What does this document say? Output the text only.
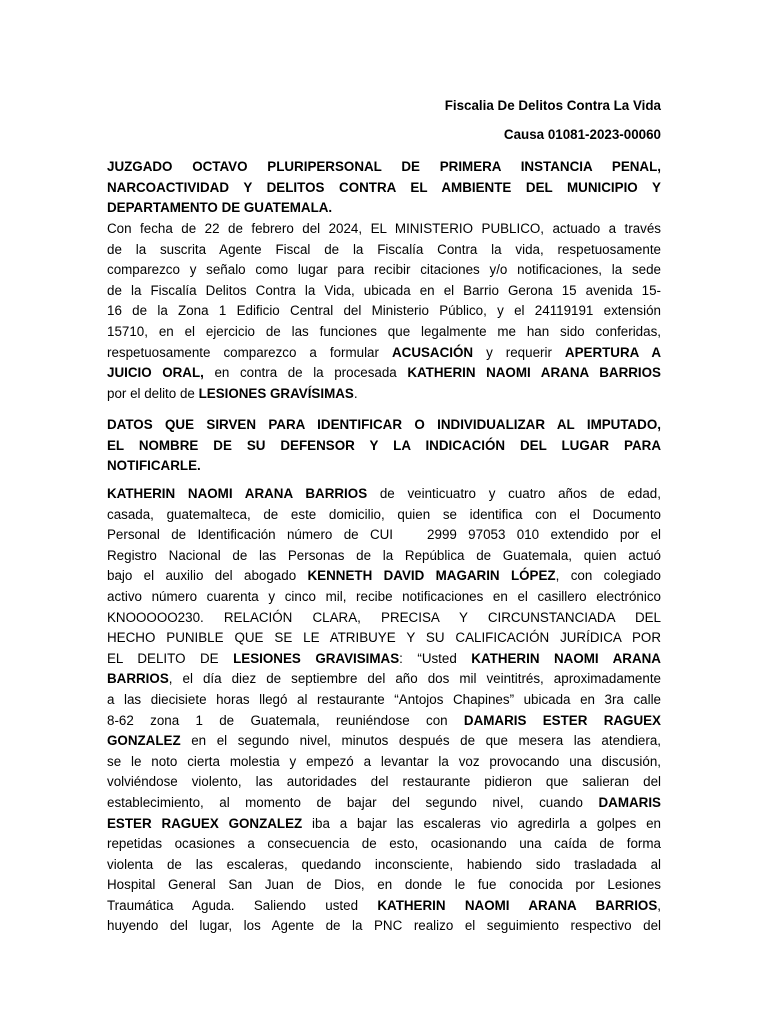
Fiscalia De Delitos Contra La Vida
Causa 01081-2023-00060
JUZGADO OCTAVO PLURIPERSONAL DE PRIMERA INSTANCIA PENAL,
NARCOACTIVIDAD Y DELITOS CONTRA EL AMBIENTE DEL MUNICIPIO Y
DEPARTAMENTO DE GUATEMALA.
Con fecha de 22 de febrero del 2024, EL MINISTERIO PUBLICO, actuado a través
de la suscrita Agente Fiscal de la Fiscalía Contra la vida, respetuosamente
comparezco y señalo como lugar para recibir citaciones y/o notificaciones, la sede
de la Fiscalía Delitos Contra la Vida, ubicada en el Barrio Gerona 15 avenida 15-
16 de la Zona 1 Edificio Central del Ministerio Público, y el 24119191 extensión
15710, en el ejercicio de las funciones que legalmente me han sido conferidas,
respetuosamente comparezco a formular ACUSACIÓN y requerir APERTURA A
JUICIO ORAL, en contra de la procesada KATHERIN NAOMI ARANA BARRIOS
por el delito de LESIONES GRAVÍSIMAS.
DATOS QUE SIRVEN PARA IDENTIFICAR O INDIVIDUALIZAR AL IMPUTADO,
EL NOMBRE DE SU DEFENSOR Y LA INDICACIÓN DEL LUGAR PARA
NOTIFICARLE.
KATHERIN NAOMI ARANA BARRIOS de veinticuatro y cuatro años de edad,
casada, guatemalteca, de este domicilio, quien se identifica con el Documento
Personal de Identificación número de CUI   2999 97053 010 extendido por el
Registro Nacional de las Personas de la República de Guatemala, quien actuó
bajo el auxilio del abogado KENNETH DAVID MAGARIN LÓPEZ, con colegiado
activo número cuarenta y cinco mil, recibe notificaciones en el casillero electrónico
KNOOOOO230. RELACIÓN CLARA, PRECISA Y CIRCUNSTANCIADA DEL
HECHO PUNIBLE QUE SE LE ATRIBUYE Y SU CALIFICACIÓN JURÍDICA POR
EL DELITO DE LESIONES GRAVISIMAS: “Usted KATHERIN NAOMI ARANA
BARRIOS, el día diez de septiembre del año dos mil veintitrés, aproximadamente
a las diecisiete horas llegó al restaurante “Antojos Chapines” ubicada en 3ra calle
8-62 zona 1 de Guatemala, reuniéndose con DAMARIS ESTER RAGUEX
GONZALEZ en el segundo nivel, minutos después de que mesera las atendiera,
se le noto cierta molestia y empezó a levantar la voz provocando una discusión,
volviéndose violento, las autoridades del restaurante pidieron que salieran del
establecimiento, al momento de bajar del segundo nivel, cuando DAMARIS
ESTER RAGUEX GONZALEZ iba a bajar las escaleras vio agredirla a golpes en
repetidas ocasiones a consecuencia de esto, ocasionando una caída de forma
violenta de las escaleras, quedando inconsciente, habiendo sido trasladada al
Hospital General San Juan de Dios, en donde le fue conocida por Lesiones
Traumática Aguda. Saliendo usted KATHERIN NAOMI ARANA BARRIOS,
huyendo del lugar, los Agente de la PNC realizo el seguimiento respectivo del
